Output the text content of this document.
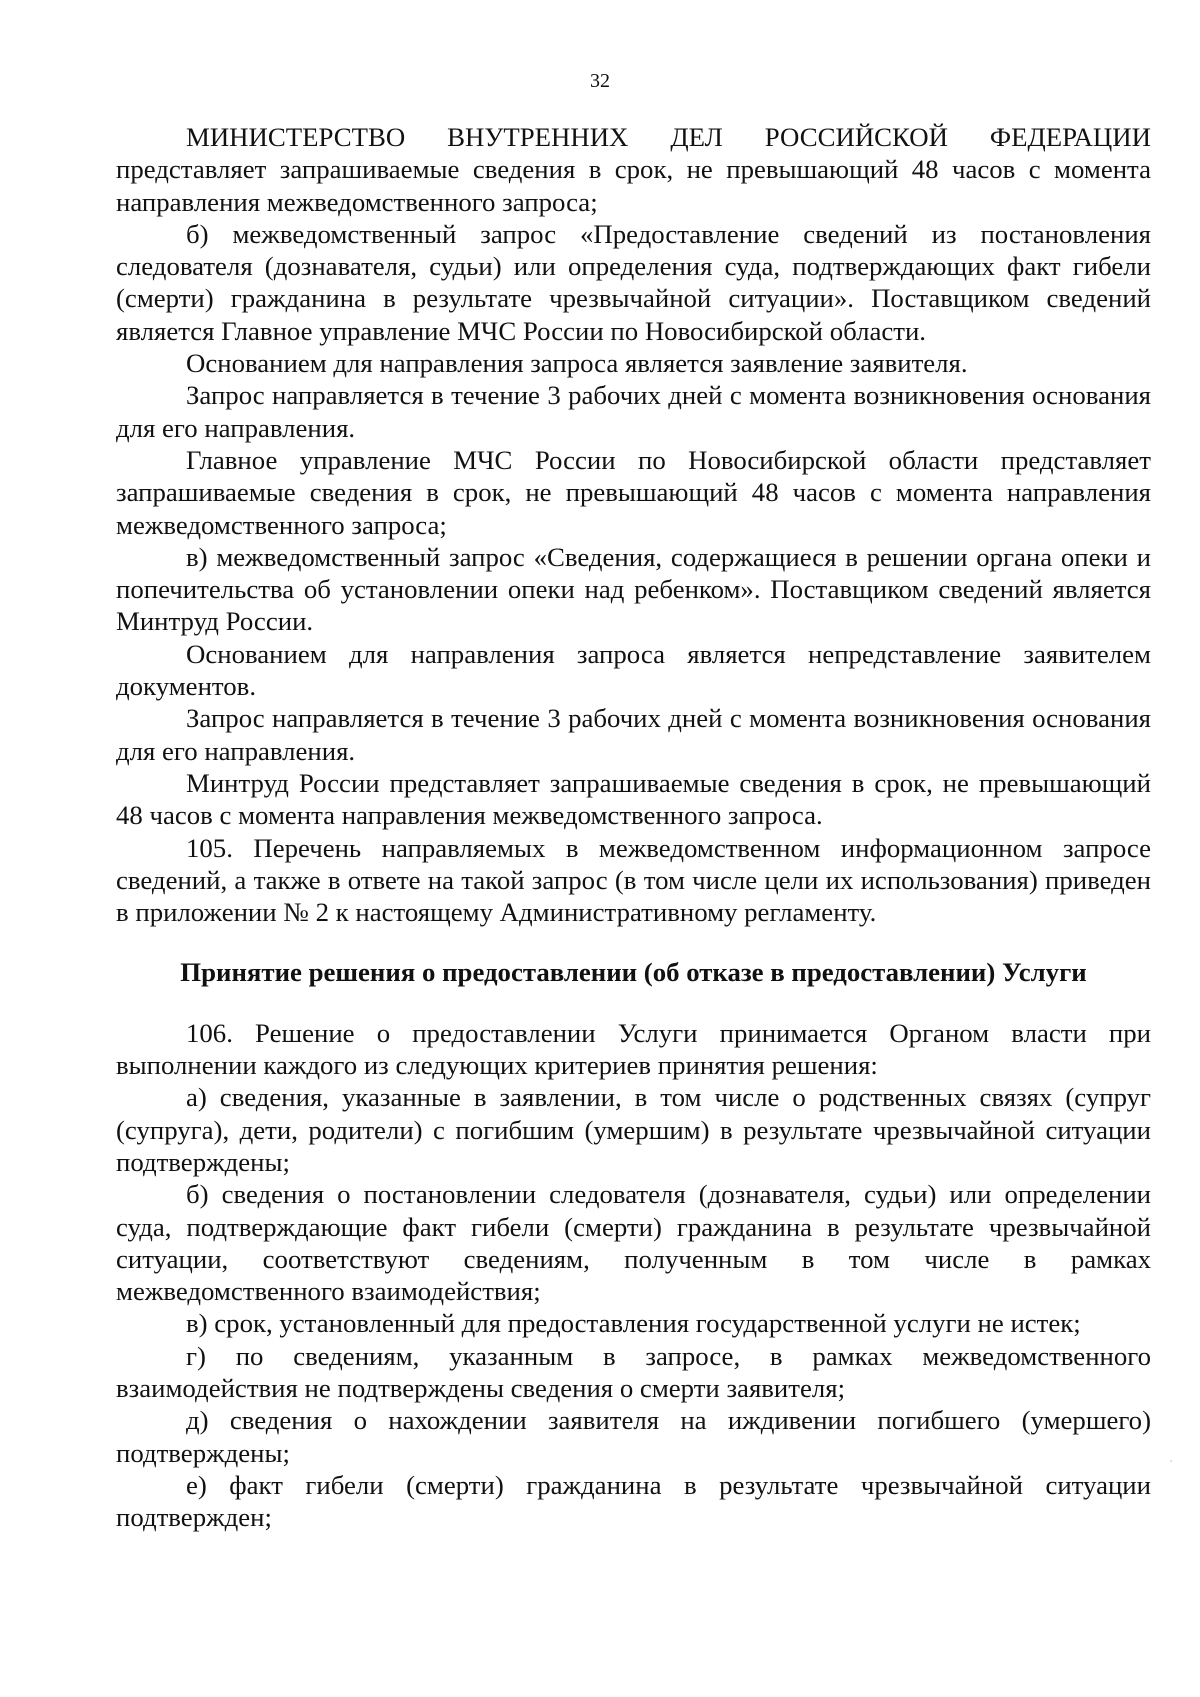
32

МИНИСТЕРСТВО ВНУТРЕННИХ ДЕЛ РОССИЙСКОЙ ФЕДЕРАЦИИ представляет запрашиваемые сведения в срок, не превышающий 48 часов с момента направления межведомственного запроса;

б) межведомственный запрос «Предоставление сведений из постановления следователя (дознавателя, судьи) или определения суда, подтверждающих факт гибели (смерти) гражданина в результате чрезвычайной ситуации». Поставщиком сведений является Главное управление МЧС России по Новосибирской области.

Основанием для направления запроса является заявление заявителя.

Запрос направляется в течение 3 рабочих дней с момента возникновения основания для его направления.

Главное управление МЧС России по Новосибирской области представляет запрашиваемые сведения в срок, не превышающий 48 часов с момента направления межведомственного запроса;

в) межведомственный запрос «Сведения, содержащиеся в решении органа опеки и попечительства об установлении опеки над ребенком». Поставщиком сведений является Минтруд России.

Основанием для направления запроса является непредставление заявителем документов.

Запрос направляется в течение 3 рабочих дней с момента возникновения основания для его направления.

Минтруд России представляет запрашиваемые сведения в срок, не превышающий 48 часов с момента направления межведомственного запроса.

105. Перечень направляемых в межведомственном информационном запросе сведений, а также в ответе на такой запрос (в том числе цели их использования) приведен в приложении № 2 к настоящему Административному регламенту.

Принятие решения о предоставлении (об отказе в предоставлении) Услуги

106. Решение о предоставлении Услуги принимается Органом власти при выполнении каждого из следующих критериев принятия решения:

а) сведения, указанные в заявлении, в том числе о родственных связях (супруг (супруга), дети, родители) с погибшим (умершим) в результате чрезвычайной ситуации подтверждены;

б) сведения о постановлении следователя (дознавателя, судьи) или определении суда, подтверждающие факт гибели (смерти) гражданина в результате чрезвычайной ситуации, соответствуют сведениям, полученным в том числе в рамках межведомственного взаимодействия;

в) срок, установленный для предоставления государственной услуги не истек;

г) по сведениям, указанным в запросе, в рамках межведомственного взаимодействия не подтверждены сведения о смерти заявителя;

д) сведения о нахождении заявителя на иждивении погибшего (умершего) подтверждены;

е) факт гибели (смерти) гражданина в результате чрезвычайной ситуации подтвержден;
